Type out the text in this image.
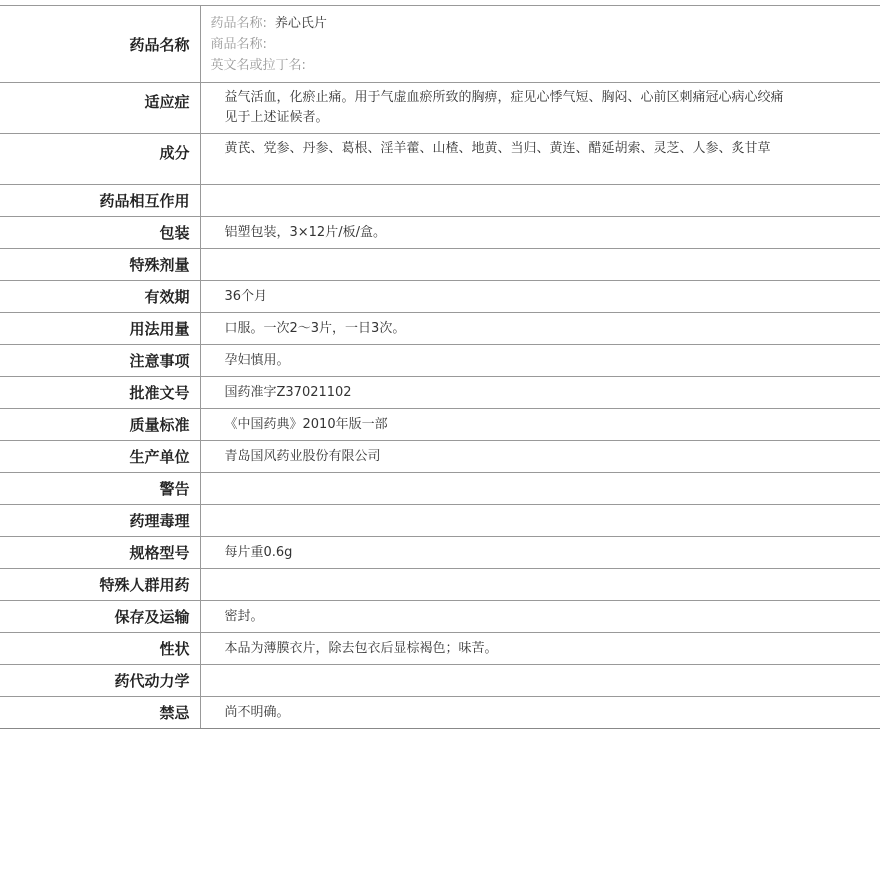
药品名称	药品名称: 养心氏片
商品名称:
英文名或拉丁名:

适应症	益气活血，化瘀止痛。用于气虚血瘀所致的胸痹，症见心悸气短、胸闷、心前区刺痛冠心病心绞痛见于上述证候者。
成分	黄芪、党参、丹参、葛根、淫羊藿、山楂、地黄、当归、黄连、醋延胡索、灵芝、人参、炙甘草
药品相互作用	
包装	铝塑包装，3×12片/板/盒。
特殊剂量	
有效期	36个月
用法用量	口服。一次2～3片，一日3次。
注意事项	孕妇慎用。
批准文号	国药准字Z37021102
质量标准	《中国药典》2010年版一部
生产单位	青岛国风药业股份有限公司
警告	
药理毒理	
规格型号	每片重0.6g
特殊人群用药	
保存及运输	密封。
性状	本品为薄膜衣片，除去包衣后显棕褐色；味苦。
药代动力学	
禁忌	尚不明确。
